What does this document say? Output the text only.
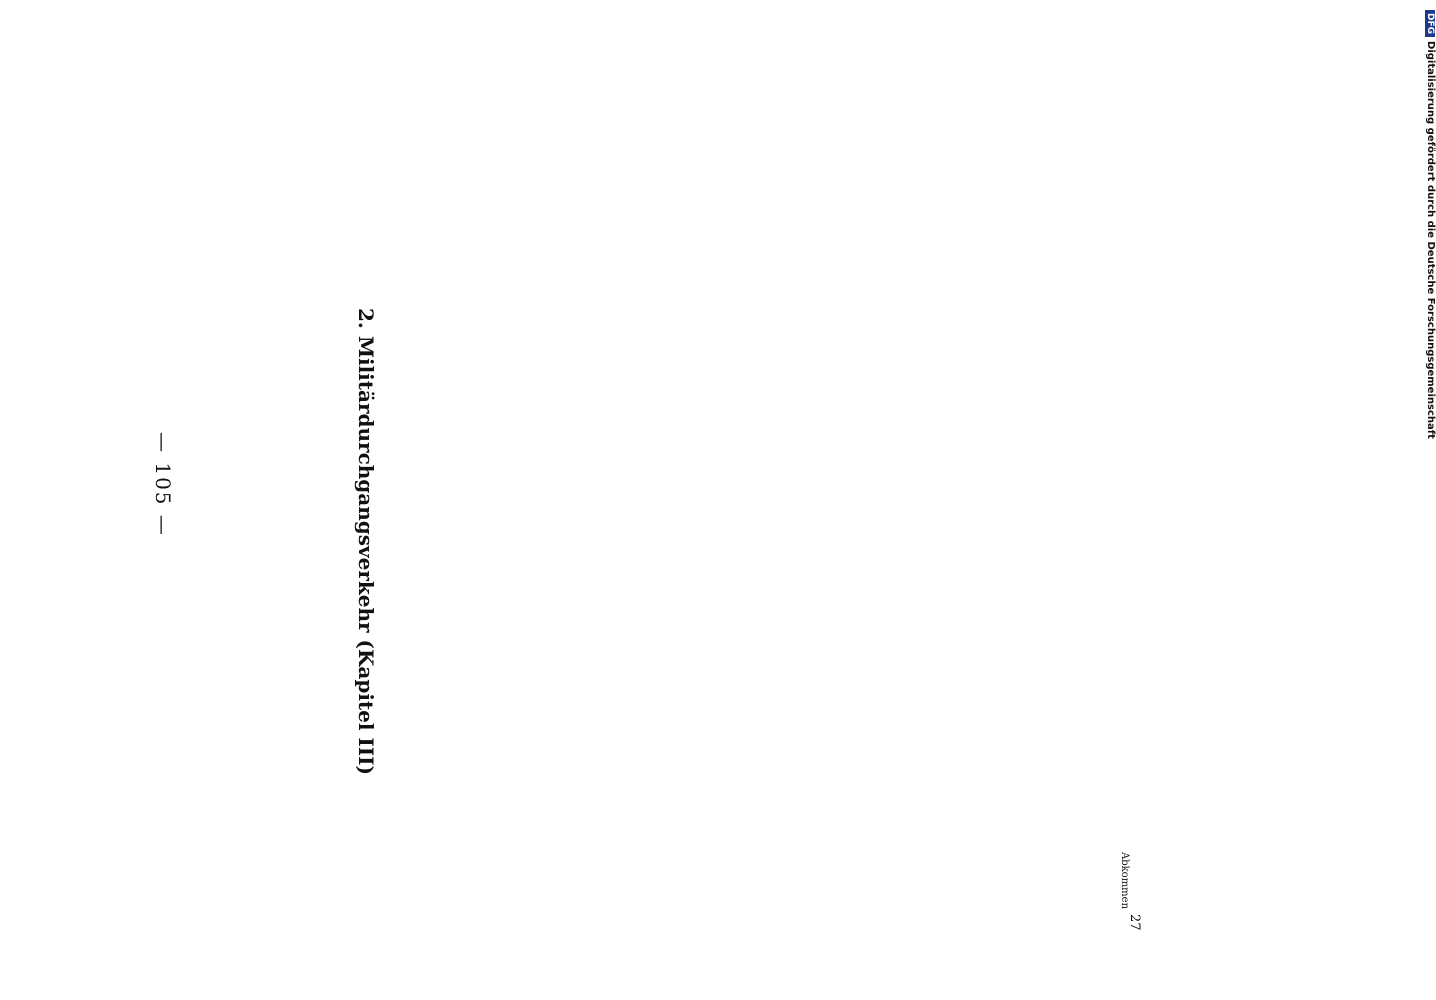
— 105 —	2. Militärdurchgangsverkehr (Kapitel III)
27
Abkommen
DFGDigitalisierung gefördert durch die Deutsche Forschungsgemeinschaft
